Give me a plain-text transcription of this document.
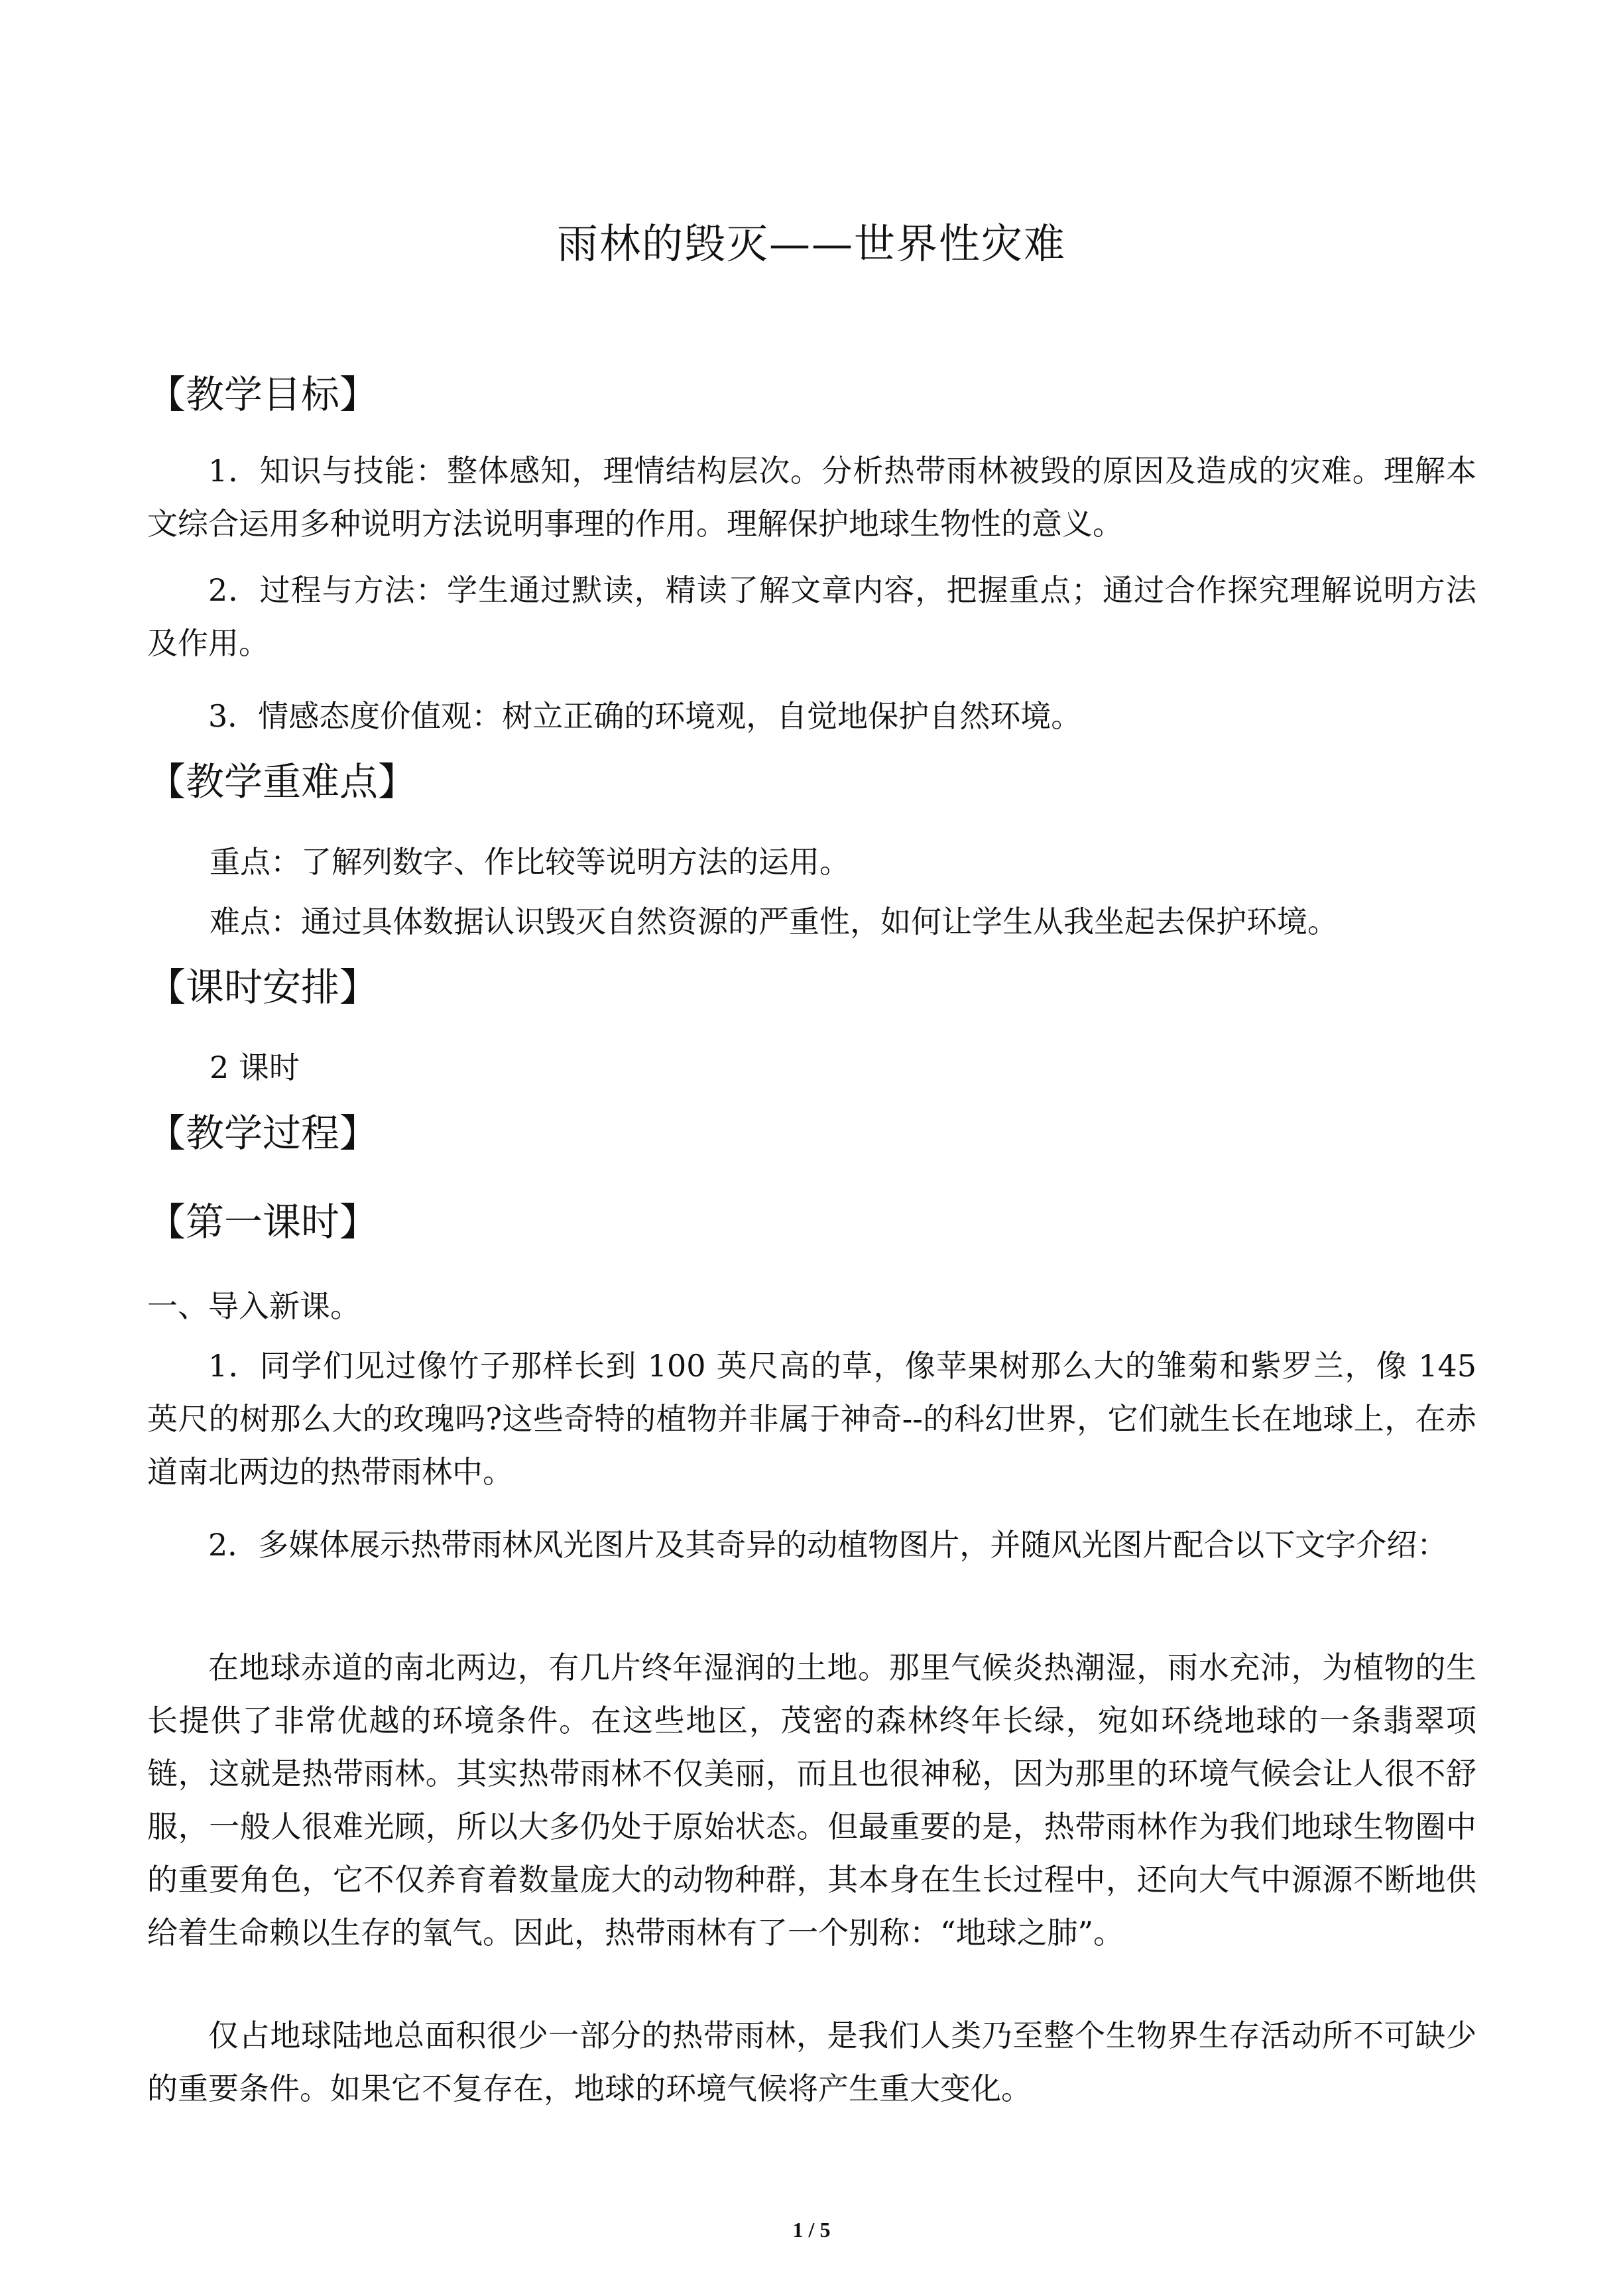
雨林的毁灭——世界性灾难
【教学目标】

1．知识与技能：整体感知，理情结构层次。分析热带雨林被毁的原因及造成的灾难。理解本文综合运用多种说明方法说明事理的作用。理解保护地球生物性的意义。

2．过程与方法：学生通过默读，精读了解文章内容，把握重点；通过合作探究理解说明方法及作用。

3．情感态度价值观：树立正确的环境观，自觉地保护自然环境。

【教学重难点】
重点：了解列数字、作比较等说明方法的运用。
难点：通过具体数据认识毁灭自然资源的严重性，如何让学生从我坐起去保护环境。
【课时安排】
2 课时
【教学过程】
【第一课时】
一、导入新课。

1．同学们见过像竹子那样长到 100 英尺高的草，像苹果树那么大的雏菊和紫罗兰，像 145 英尺的树那么大的玫瑰吗?这些奇特的植物并非属于神奇--的科幻世界，它们就生长在地球上，在赤道南北两边的热带雨林中。

2．多媒体展示热带雨林风光图片及其奇异的动植物图片，并随风光图片配合以下文字介绍：

在地球赤道的南北两边，有几片终年湿润的土地。那里气候炎热潮湿，雨水充沛，为植物的生长提供了非常优越的环境条件。在这些地区，茂密的森林终年长绿，宛如环绕地球的一条翡翠项链，这就是热带雨林。其实热带雨林不仅美丽，而且也很神秘，因为那里的环境气候会让人很不舒服，一般人很难光顾，所以大多仍处于原始状态。但最重要的是，热带雨林作为我们地球生物圈中的重要角色，它不仅养育着数量庞大的动物种群，其本身在生长过程中，还向大气中源源不断地供给着生命赖以生存的氧气。因此，热带雨林有了一个别称：“地球之肺”。

仅占地球陆地总面积很少一部分的热带雨林，是我们人类乃至整个生物界生存活动所不可缺少的重要条件。如果它不复存在，地球的环境气候将产生重大变化。

1 / 5
